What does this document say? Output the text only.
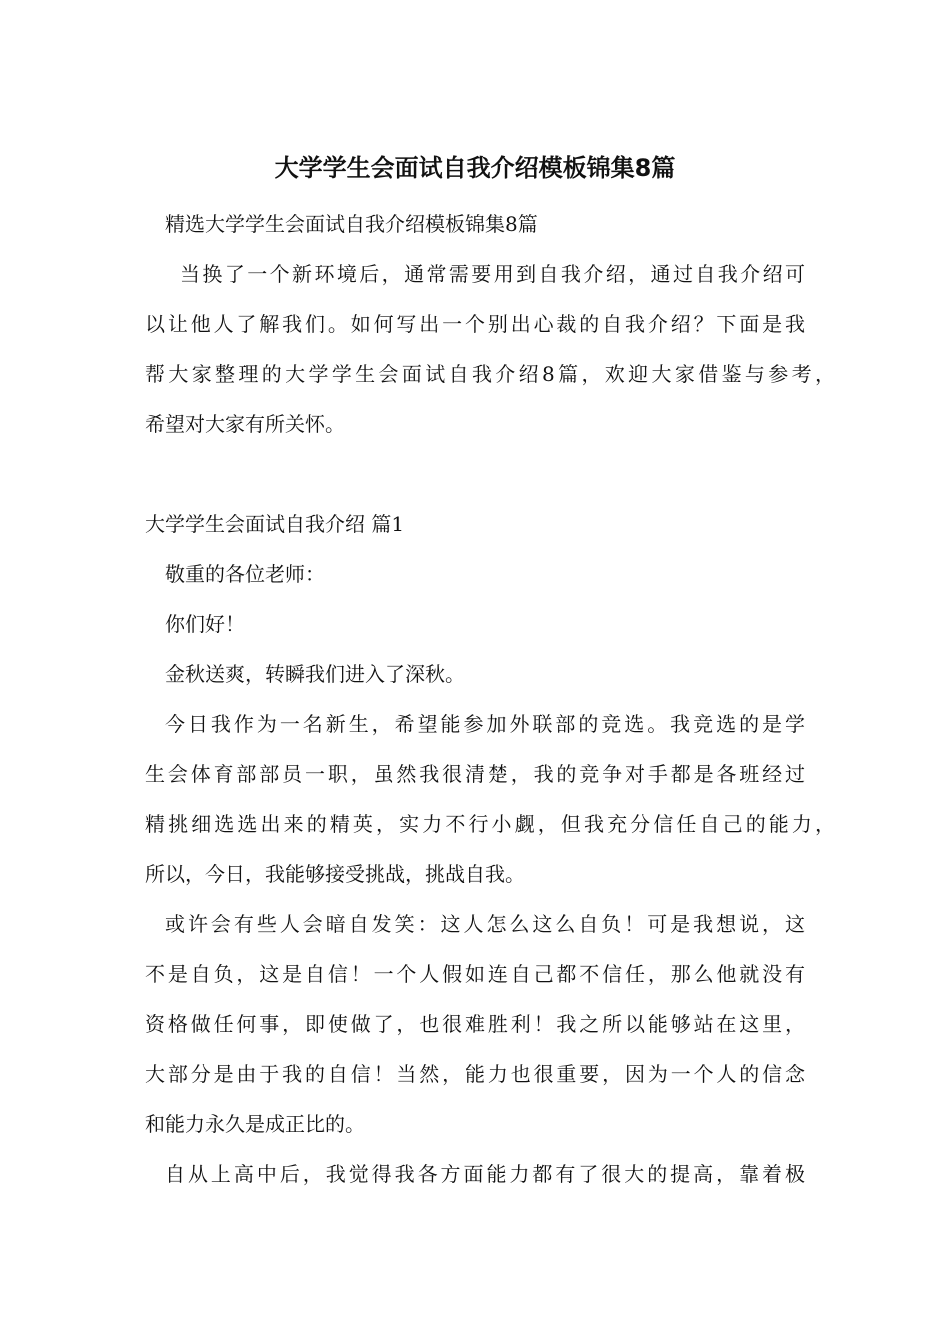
大学学生会面试自我介绍模板锦集8篇

精选大学学生会面试自我介绍模板锦集8篇

当换了一个新环境后，通常需要用到自我介绍，通过自我介绍可

以让他人了解我们。如何写出一个别出心裁的自我介绍？下面是我

帮大家整理的大学学生会面试自我介绍8篇，欢迎大家借鉴与参考，

希望对大家有所关怀。

大学学生会面试自我介绍 篇1

敬重的各位老师：

你们好！

金秋送爽，转瞬我们进入了深秋。

今日我作为一名新生，希望能参加外联部的竞选。我竞选的是学

生会体育部部员一职，虽然我很清楚，我的竞争对手都是各班经过

精挑细选选出来的精英，实力不行小觑，但我充分信任自己的能力，

所以，今日，我能够接受挑战，挑战自我。

或许会有些人会暗自发笑：这人怎么这么自负！可是我想说，这

不是自负，这是自信！一个人假如连自己都不信任，那么他就没有

资格做任何事，即使做了，也很难胜利！我之所以能够站在这里，

大部分是由于我的自信！当然，能力也很重要，因为一个人的信念

和能力永久是成正比的。

自从上高中后，我觉得我各方面能力都有了很大的提高，靠着极
